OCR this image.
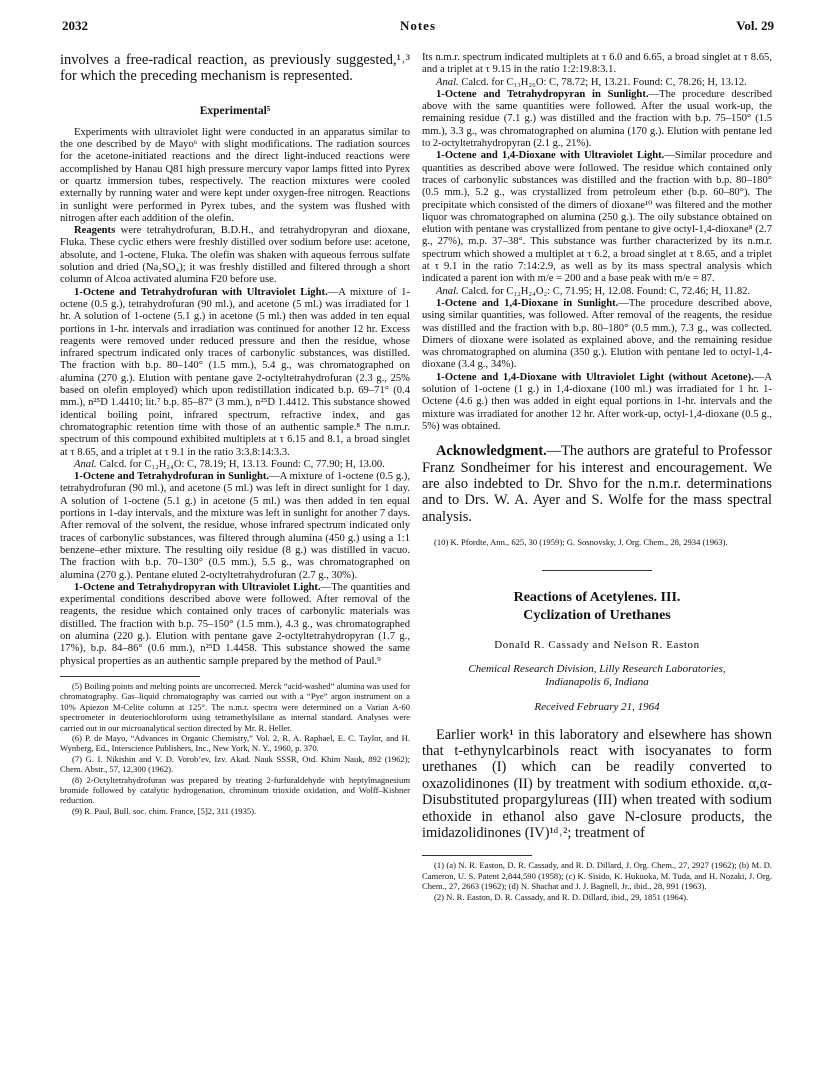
2032	Notes	Vol. 29

involves a free-radical reaction, as previously suggested,¹˒³ for which the preceding mechanism is represented.

Experimental⁵

Experiments with ultraviolet light were conducted in an apparatus similar to the one described by de Mayo⁶ with slight modifications. The radiation sources for the acetone-initiated reactions and the direct light-induced reactions were accomplished by Hanau Q81 high pressure mercury vapor lamps fitted into Pyrex or quartz immersion tubes, respectively. The reaction mixtures were cooled externally by running water and were kept under oxygen-free nitrogen. Reactions in sunlight were performed in Pyrex tubes, and the system was flushed with nitrogen after each addition of the olefin.

Reagents were tetrahydrofuran, B.D.H., and tetrahydropyran and dioxane, Fluka. These cyclic ethers were freshly distilled over sodium before use: acetone, absolute, and 1-octene, Fluka. The olefin was shaken with aqueous ferrous sulfate solution and dried (Na₂SO₄); it was freshly distilled and filtered through a short column of Alcoa activated alumina F20 before use.

1-Octene and Tetrahydrofuran with Ultraviolet Light.—A mixture of 1-octene (0.5 g.), tetrahydrofuran (90 ml.), and acetone (5 ml.) was irradiated for 1 hr. A solution of 1-octene (5.1 g.) in acetone (5 ml.) then was added in ten equal portions in 1-hr. intervals and irradiation was continued for another 12 hr. Excess reagents were removed under reduced pressure and then the residue, whose infrared spectrum indicated only traces of carbonylic substances, was distilled. The fraction with b.p. 80–140° (1.5 mm.), 5.4 g., was chromatographed on alumina (270 g.). Elution with pentane gave 2-octyltetrahydrofuran (2.3 g., 25% based on olefin employed) which upon redistillation indicated b.p. 69–71° (0.4 mm.), n²⁵D 1.4410; lit.⁷ b.p. 85–87° (3 mm.), n²⁵D 1.4412. This substance showed identical boiling point, infrared spectrum, refractive index, and gas chromatographic retention time with those of an authentic sample.⁸ The n.m.r. spectrum of this compound exhibited multiplets at τ 6.15 and 8.1, a broad singlet at τ 8.65, and a triplet at τ 9.1 in the ratio 3:3.8:14:3.3.

Anal. Calcd. for C₁₂H₂₄O: C, 78.19; H, 13.13. Found: C, 77.90; H, 13.00.

1-Octene and Tetrahydrofuran in Sunlight.—A mixture of 1-octene (0.5 g.), tetrahydrofuran (90 ml.), and acetone (5 ml.) was left in direct sunlight for 1 day. A solution of 1-octene (5.1 g.) in acetone (5 ml.) was then added in ten equal portions in 1-day intervals, and the mixture was left in sunlight for another 7 days. After removal of the solvent, the residue, whose infrared spectrum indicated only traces of carbonylic substances, was filtered through alumina (450 g.) using a 1:1 benzene–ether mixture. The resulting oily residue (8 g.) was distilled in vacuo. The fraction with b.p. 70–130° (0.5 mm.), 5.5 g., was chromatographed on alumina (270 g.). Pentane eluted 2-octyltetrahydrofuran (2.7 g., 30%).

1-Octene and Tetrahydropyran with Ultraviolet Light.—The quantities and experimental conditions described above were followed. After removal of the reagents, the residue which contained only traces of carbonylic materials was distilled. The fraction with b.p. 75–150° (1.5 mm.), 4.3 g., was chromatographed on alumina (220 g.). Elution with pentane gave 2-octyltetrahydropyran (1.7 g., 17%), b.p. 84–86° (0.6 mm.), n²⁵D 1.4458. This substance showed the same physical properties as an authentic sample prepared by the method of Paul.⁹

(5) Boiling points and melting points are uncorrected. Merck “acid-washed” alumina was used for chromatography. Gas–liquid chromatography was carried out with a “Pye” argon instrument on a 10% Apiezon M-Celite column at 125°. The n.m.r. spectra were determined on a Varian A-60 spectrometer in deuteriochloroform using tetramethylsilane as internal standard. Analyses were carried out in our microanalytical section directed by Mr. R. Heller.

(6) P. de Mayo, “Advances in Organic Chemistry,” Vol. 2, R. A. Raphael, E. C. Taylor, and H. Wynberg, Ed., Interscience Publishers, Inc., New York, N. Y., 1960, p. 370.

(7) G. I. Nikishin and V. D. Vorob’ev, Izv. Akad. Nauk SSSR, Otd. Khim Nauk, 892 (1962); Chem. Abstr., 57, 12,300 (1962).

(8) 2-Octyltetrahydrofuran was prepared by treating 2-furfurаldehyde with heptylmagnesium bromide followed by catalytic hydrogenation, chrominum trioxide oxidation, and Wolff–Kishner reduction.

(9) R. Paul, Bull. soc. chim. France, [5]2, 311 (1935).

Its n.m.r. spectrum indicated multiplets at τ 6.0 and 6.65, a broad singlet at τ 8.65, and a triplet at τ 9.15 in the ratio 1:2:19.8:3.1.

Anal. Calcd. for C₁₃H₂₆O: C, 78.72; H, 13.21. Found: C, 78.26; H, 13.12.

1-Octene and Tetrahydropyran in Sunlight.—The procedure described above with the same quantities were followed. After the usual work-up, the remaining residue (7.1 g.) was distilled and the fraction with b.p. 75–150° (1.5 mm.), 3.3 g., was chromatographed on alumina (170 g.). Elution with pentane led to 2-octyltetrahydropyran (2.1 g., 21%).

1-Octene and 1,4-Dioxane with Ultraviolet Light.—Similar procedure and quantities as described above were followed. The residue which contained only traces of carbonylic substances was distilled and the fraction with b.p. 80–180° (0.5 mm.), 5.2 g., was crystallized from petroleum ether (b.p. 60–80°). The precipitate which consisted of the dimers of dioxane¹⁰ was filtered and the mother liquor was chromatographed on alumina (250 g.). The oily substance obtained on elution with pentane was crystallized from pentane to give octyl-1,4-dioxane⁸ (2.7 g., 27%), m.p. 37–38°. This substance was further characterized by its n.m.r. spectrum which showed a multiplet at τ 6.2, a broad singlet at τ 8.65, and a triplet at τ 9.1 in the ratio 7:14:2.9, as well as by its mass spectral analysis which indicated a parent ion with m/e = 200 and a base peak with m/e = 87.

Anal. Calcd. for C₁₂H₂₄O₂: C, 71.95; H, 12.08. Found: C, 72.46; H, 11.82.

1-Octene and 1,4-Dioxane in Sunlight.—The procedure described above, using similar quantities, was followed. After removal of the reagents, the residue was distilled and the fraction with b.p. 80–180° (0.5 mm.), 7.3 g., was collected. Dimers of dioxane were isolated as explained above, and the remaining residue was chromatographed on alumina (350 g.). Elution with pentane led to octyl-1,4-dioxane (3.4 g., 34%).

1-Octene and 1,4-Dioxane with Ultraviolet Light (without Acetone).—A solution of 1-octene (1 g.) in 1,4-dioxane (100 ml.) was irradiated for 1 hr. 1-Octene (4.6 g.) then was added in eight equal portions in 1-hr. intervals and the mixture was irradiated for another 12 hr. After work-up, octyl-1,4-dioxane (0.5 g., 5%) was obtained.

Acknowledgment.—The authors are grateful to Professor Franz Sondheimer for his interest and encouragement. We are also indebted to Dr. Shvo for the n.m.r. determinations and to Drs. W. A. Ayer and S. Wolfe for the mass spectral analysis.

(10) K. Pfordte, Ann., 625, 30 (1959); G. Sosnovsky, J. Org. Chem., 28, 2934 (1963).

Reactions of Acetylenes. III.

Cyclization of Urethanes

Donald R. Cassady and Nelson R. Easton

Chemical Research Division, Lilly Research Laboratories,
Indianapolis 6, Indiana

Received February 21, 1964

Earlier work¹ in this laboratory and elsewhere has shown that t-ethynylcarbinols react with isocyanates to form urethanes (I) which can be readily converted to oxazolidinones (II) by treatment with sodium ethoxide. α,α-Disubstituted propargylureas (III) when treated with sodium ethoxide in ethanol also gave N-closure products, the imidazolidinones (IV)¹ᵈ˒²; treatment of

(1) (a) N. R. Easton, D. R. Cassady, and R. D. Dillard, J. Org. Chem., 27, 2927 (1962); (b) M. D. Cameron, U. S. Patent 2,844,590 (1958); (c) K. Sisido, K. Hukuoka, M. Tuda, and H. Nozaki, J. Org. Chem., 27, 2663 (1962); (d) N. Shachat and J. J. Bagnell, Jr., ibid., 28, 991 (1963).

(2) N. R. Easton, D. R. Cassady, and R. D. Dillard, ibid., 29, 1851 (1964).
